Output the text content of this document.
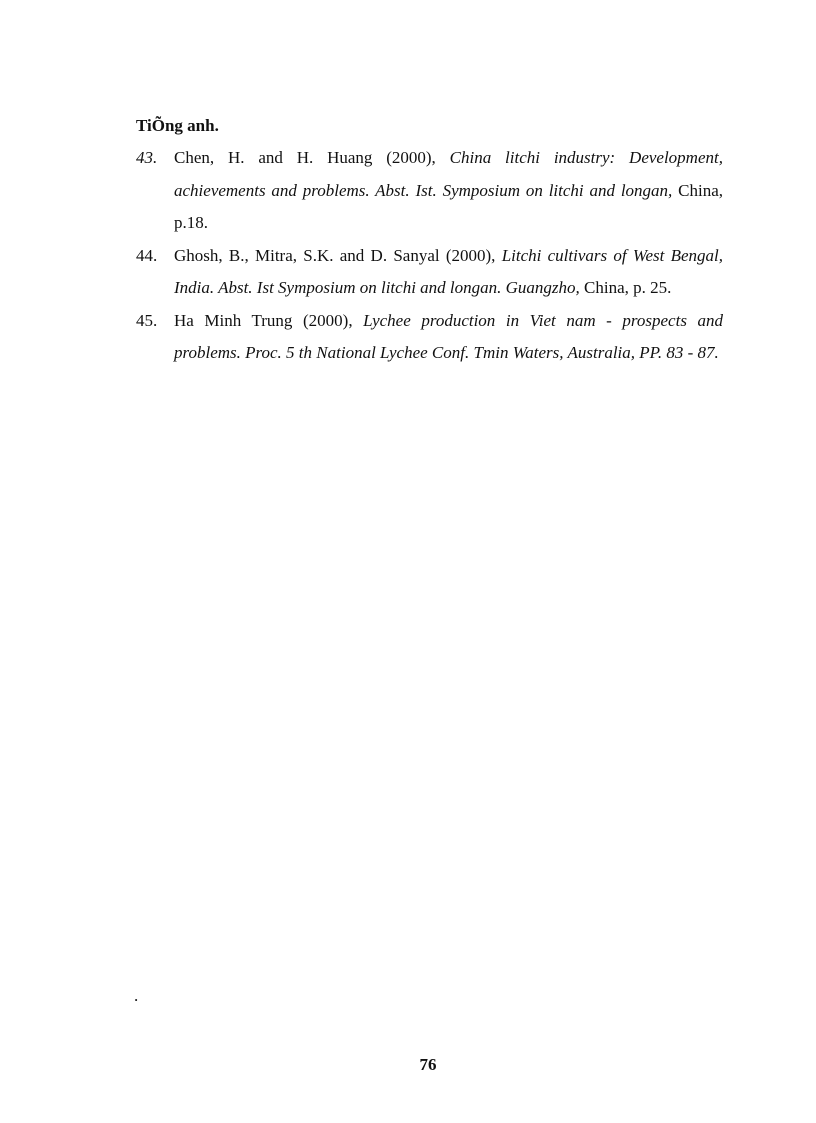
TiÕng anh.
43. Chen, H. and H. Huang (2000), China litchi industry: Development, achievements and problems. Abst. Ist. Symposium on litchi and longan, China, p.18.
44. Ghosh, B., Mitra, S.K. and D. Sanyal (2000), Litchi cultivars of West Bengal, India. Abst. Ist Symposium on litchi and longan. Guangzho, China, p. 25.
45. Ha Minh Trung (2000), Lychee production in Viet nam - prospects and problems. Proc. 5 th National Lychee Conf. Tmin Waters, Australia, PP. 83 - 87.
.
76
